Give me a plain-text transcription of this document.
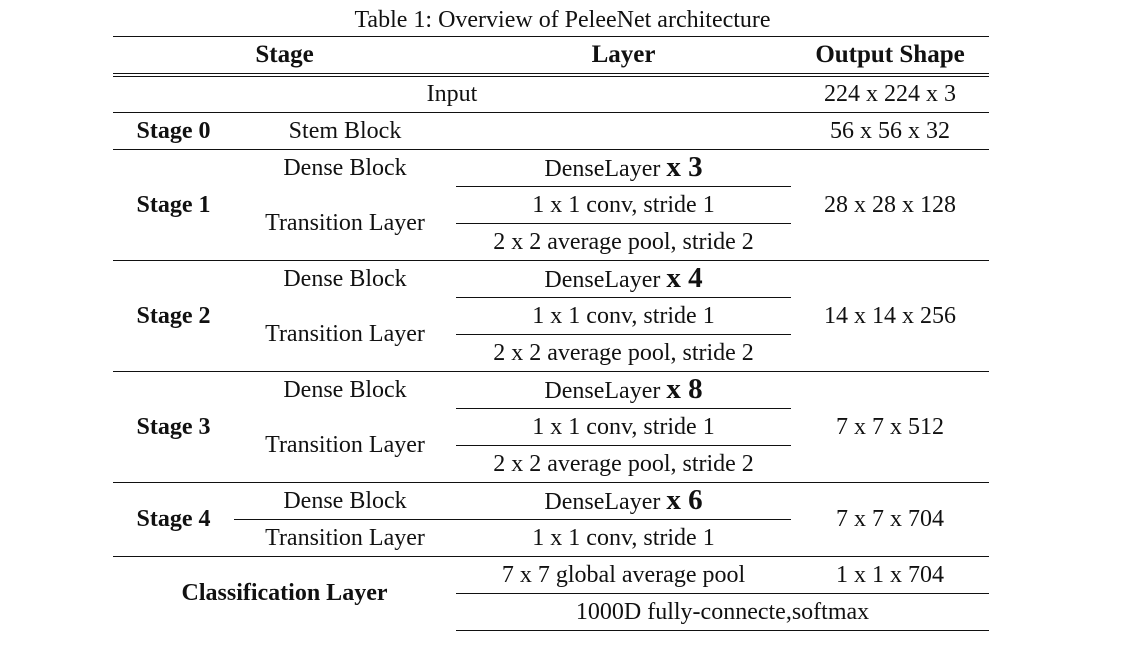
Table 1: Overview of PeleeNet architecture
Stage		Layer	Output Shape
Input			224 x 224 x 3
Stage 0	Stem Block		56 x 56 x 32
Stage 1	Dense Block	DenseLayer x 3	28 x 28 x 128
	Transition Layer	1 x 1 conv, stride 1	
		2 x 2 average pool, stride 2	
Stage 2	Dense Block	DenseLayer x 4	14 x 14 x 256
	Transition Layer	1 x 1 conv, stride 1	
		2 x 2 average pool, stride 2	
Stage 3	Dense Block	DenseLayer x 8	7 x 7 x 512
	Transition Layer	1 x 1 conv, stride 1	
		2 x 2 average pool, stride 2	
Stage 4	Dense Block	DenseLayer x 6	7 x 7 x 704
	Transition Layer	1 x 1 conv, stride 1	
Classification Layer		7 x 7 global average pool	1 x 1 x 704
		1000D fully-connecte,softmax	
